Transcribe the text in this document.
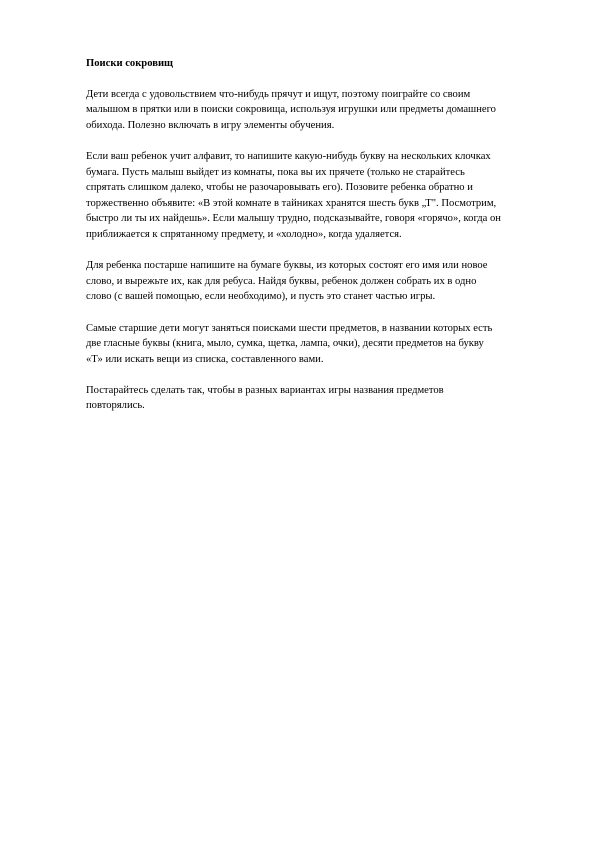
Поиски сокровищ
Дети всегда с удовольствием что-нибудь прячут и ищут, поэтому поиграйте со своим
малышом в прятки или в поиски сокровища, используя игрушки или предметы домашнего
обихода. Полезно включать в игру элементы обучения.
Если ваш ребенок учит алфавит, то напишите какую-нибудь букву на нескольких клочках
бумага. Пусть малыш выйдет из комнаты, пока вы их прячете (только не старайтесь
спрятать слишком далеко, чтобы не разочаровывать его). Позовите ребенка обратно и
торжественно объявите: «В этой комнате в тайниках хранятся шесть букв „Т". Посмотрим,
быстро ли ты их найдешь». Если малышу трудно, подсказывайте, говоря «горячо», когда он
приближается к спрятанному предмету, и «холодно», когда удаляется.
Для ребенка постарше напишите на бумаге буквы, из которых состоят его имя или новое
слово, и вырежьте их, как для ребуса. Найдя буквы, ребенок должен собрать их в одно
слово (с вашей помощью, если необходимо), и пусть это станет частью игры.
Самые старшие дети могут заняться поисками шести предметов, в названии которых есть
две гласные буквы (книга, мыло, сумка, щетка, лампа, очки), десяти предметов на букву
«Т» или искать вещи из списка, составленного вами.
Постарайтесь сделать так, чтобы в разных вариантах игры названия предметов
повторялись.
